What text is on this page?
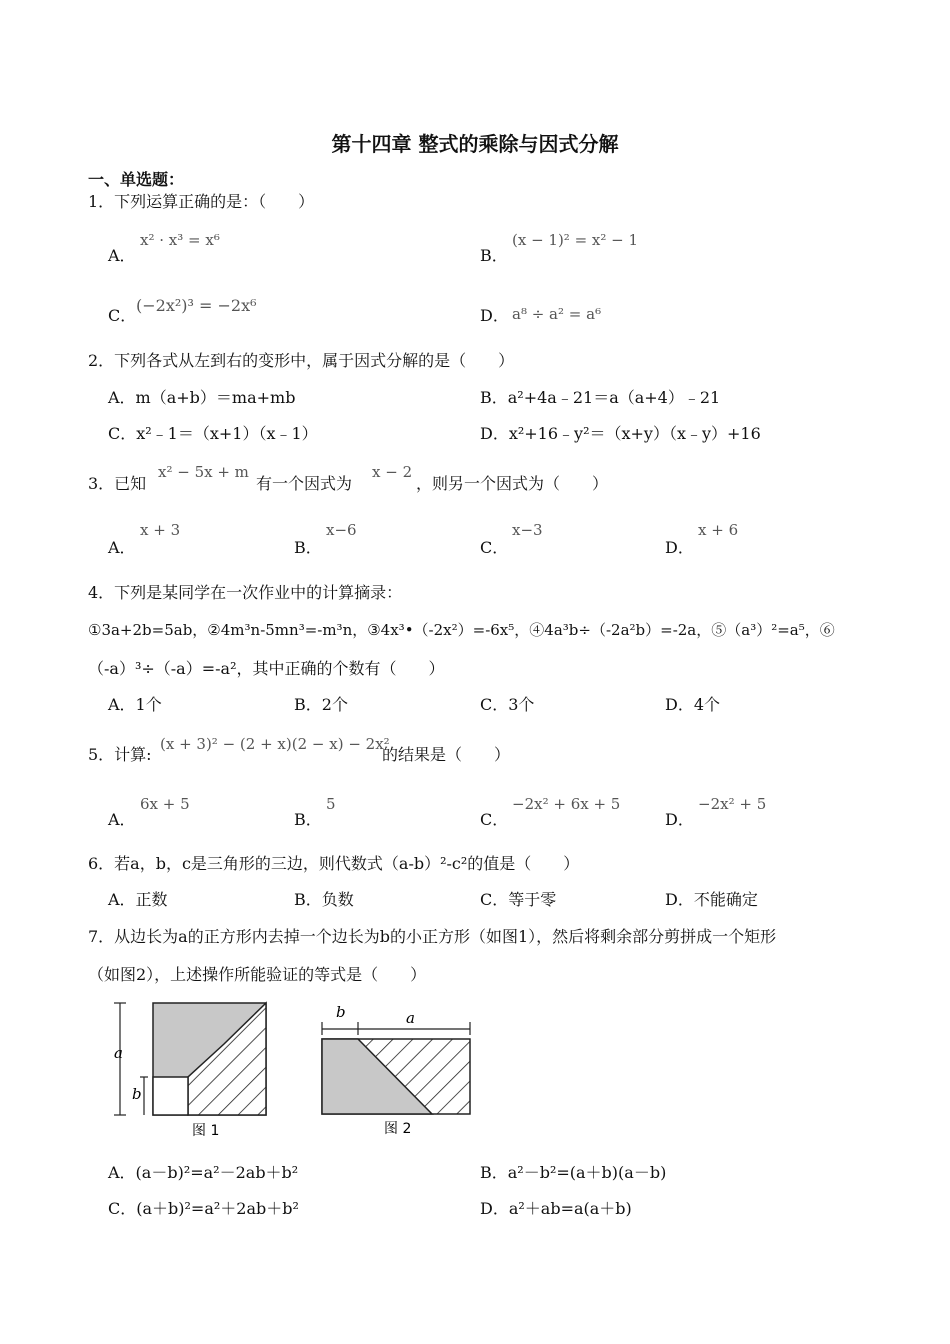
第十四章 整式的乘除与因式分解
一、单选题：
1．下列运算正确的是：（　　）
A．
x² · x³ = x⁶
B．
(x − 1)² = x² − 1
C．
(−2x²)³ = −2x⁶
D． a⁸ ÷ a² = a⁶
2．下列各式从左到右的变形中，属于因式分解的是（　　）
A．m（a+b）＝ma+mb	B．a²+4a﹣21＝a（a+4）﹣21
C．x²﹣1＝（x+1）（x﹣1）	D．x²+16﹣y²＝（x+y）（x﹣y）+16
3．已知
x² − 5x + m
有一个因式为
x − 2
，则另一个因式为（　　）
A．
x + 3
B．
x−6
C．
x−3
D．
x + 6
4．下列是某同学在一次作业中的计算摘录：
①3a+2b=5ab，②4m³n-5mn³=-m³n，③4x³•（-2x²）=-6x⁵，④4a³b÷（-2a²b）=-2a，⑤（a³）²=a⁵，⑥
（-a）³÷（-a）=-a²，其中正确的个数有（　　）
A．1个	B．2个	C．3个	D．4个
5．计算:
(x + 3)² − (2 + x)(2 − x) − 2x²
的结果是（　　）
A．
6x + 5
B．
5
C．
−2x² + 6x + 5
D．
−2x² + 5
6．若a，b，c是三角形的三边，则代数式（a-b）²-c²的值是（　　）
A．正数	B．负数	C．等于零	D．不能确定
7．从边长为a的正方形内去掉一个边长为b的小正方形（如图1），然后将剩余部分剪拼成一个矩形
（如图2），上述操作所能验证的等式是（　　）
a
b
图 1
b	a
图 2
A．(a－b)²=a²－2ab＋b²	B．a²－b²=(a＋b)(a－b)
C．(a＋b)²=a²＋2ab＋b²	D．a²＋ab=a(a＋b)
